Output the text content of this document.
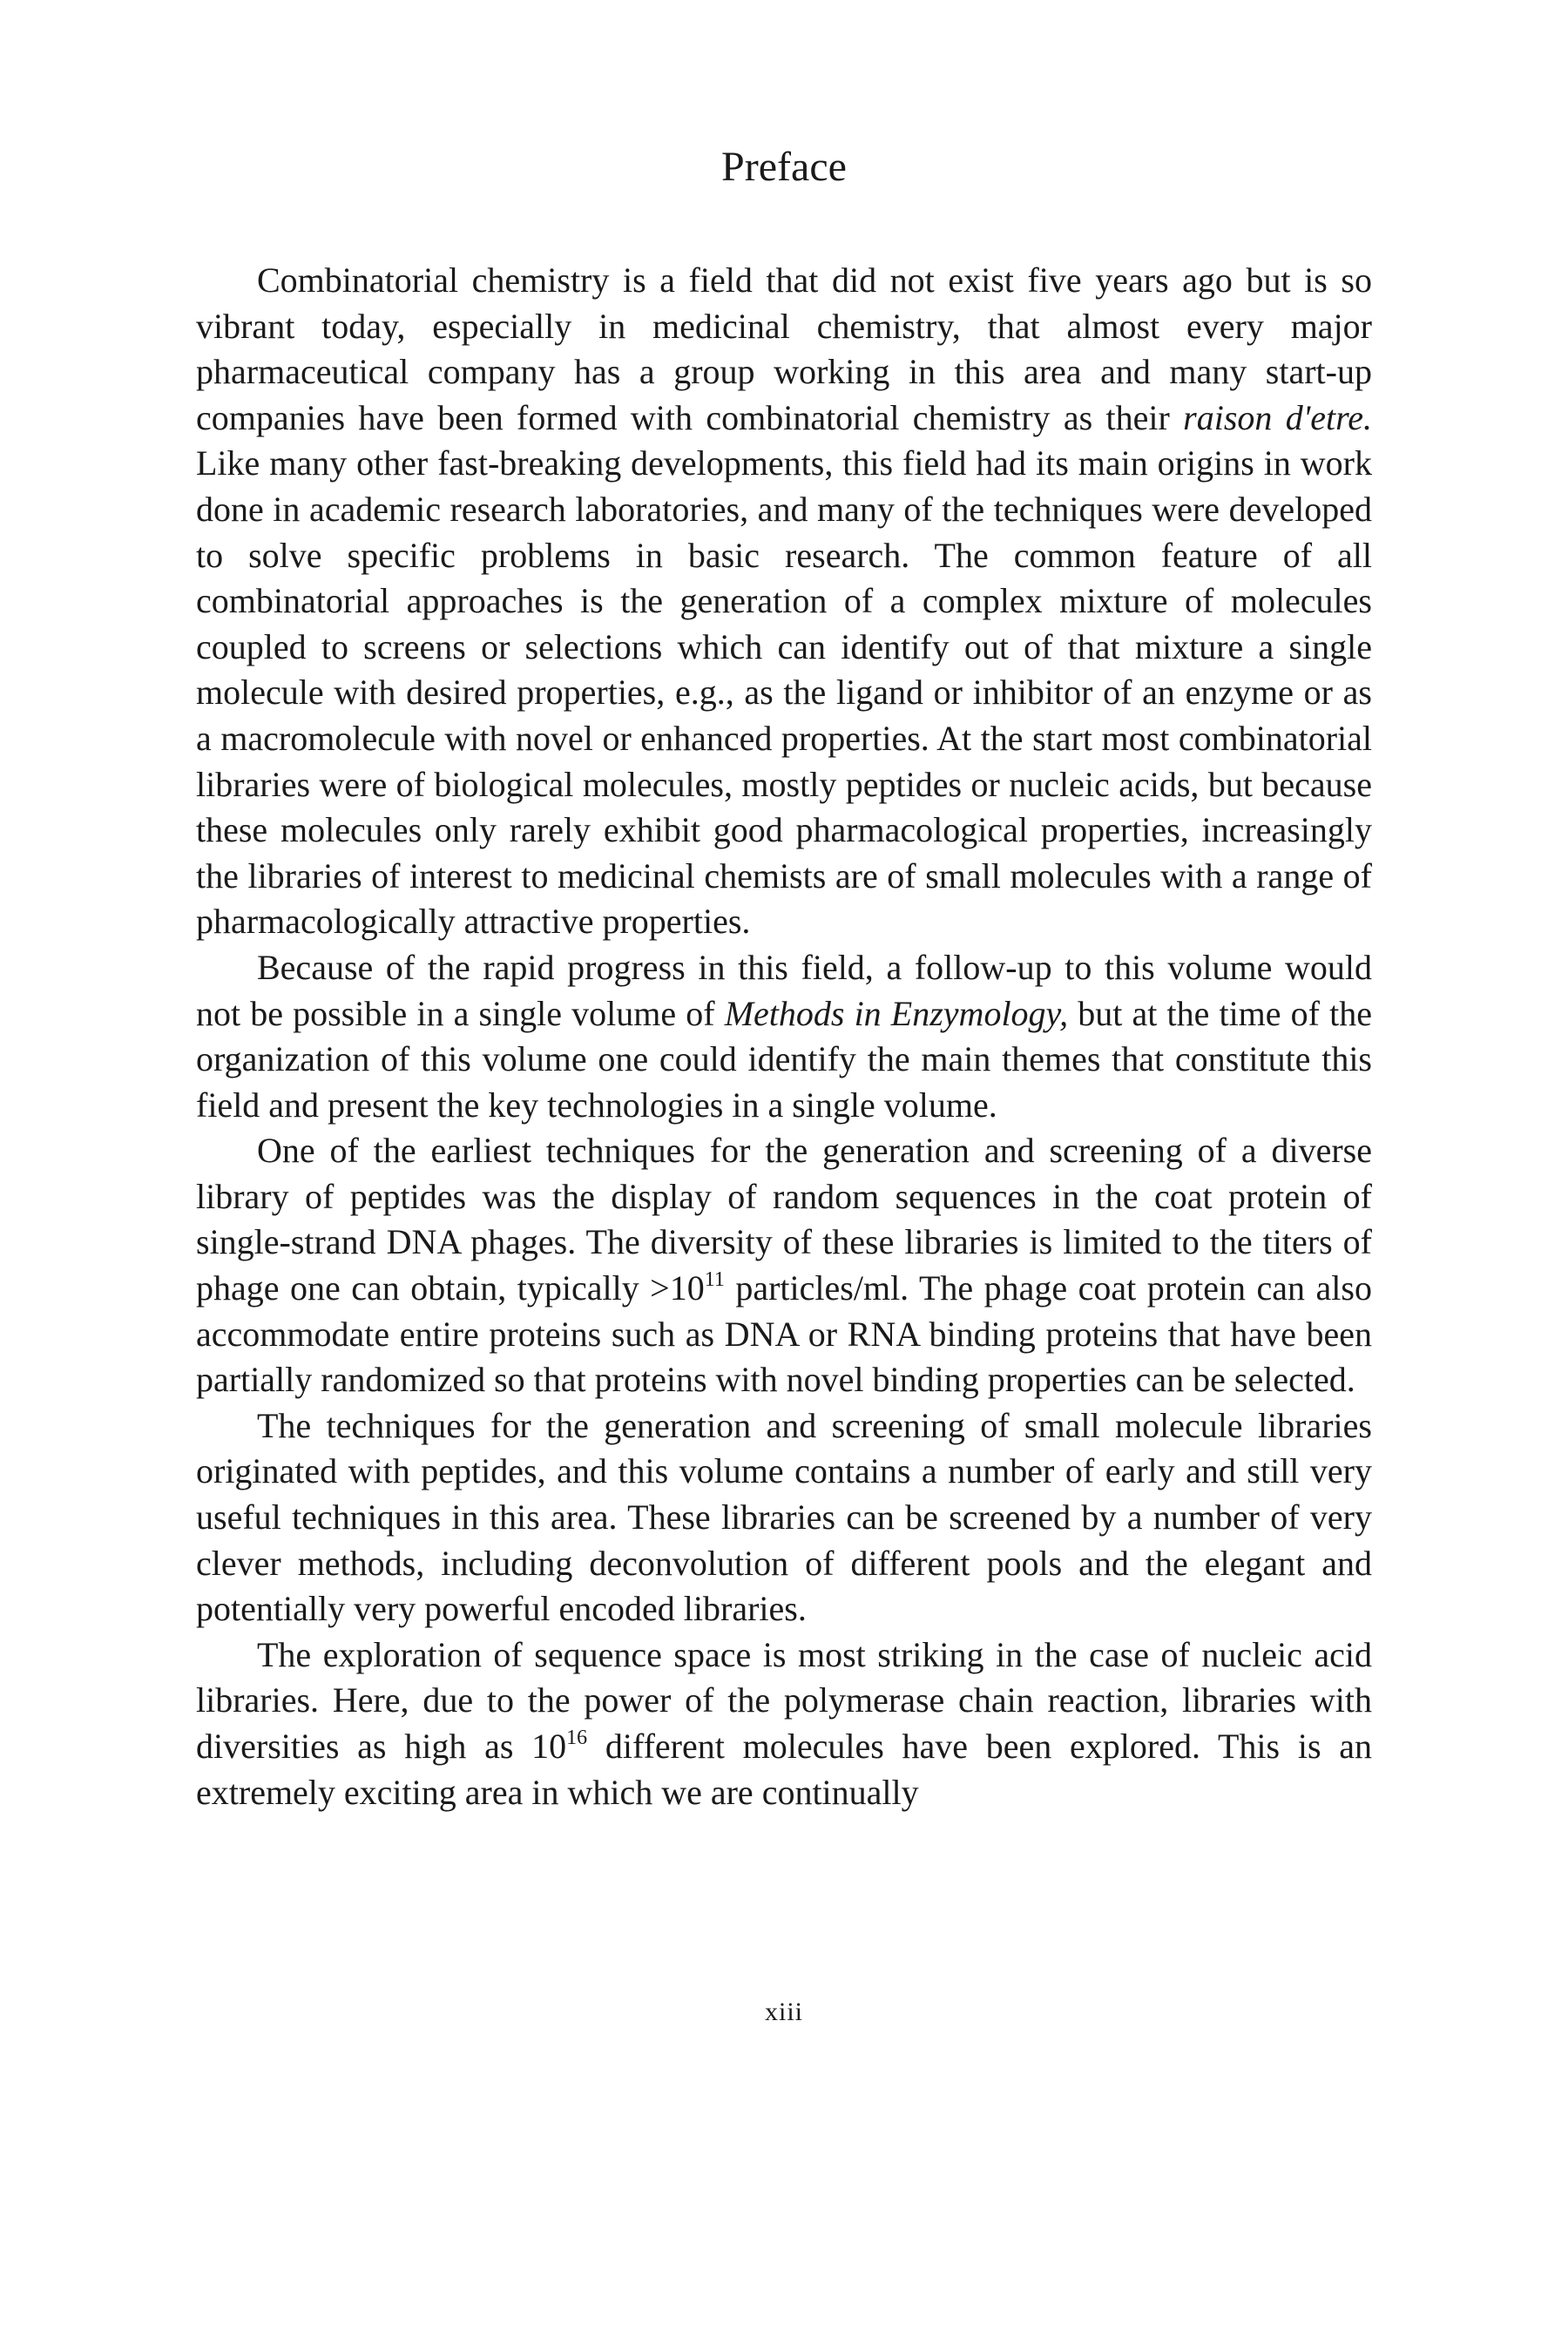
Preface

Combinatorial chemistry is a field that did not exist five years ago but is so vibrant today, especially in medicinal chemistry, that almost every major pharmaceutical company has a group working in this area and many start-up companies have been formed with combinatorial chemistry as their raison d'etre. Like many other fast-breaking developments, this field had its main origins in work done in academic research laboratories, and many of the techniques were developed to solve specific problems in basic research. The common feature of all combinatorial approaches is the generation of a complex mixture of molecules coupled to screens or selections which can identify out of that mixture a single molecule with desired properties, e.g., as the ligand or inhibitor of an enzyme or as a macromolecule with novel or enhanced properties. At the start most combinatorial libraries were of biological molecules, mostly peptides or nucleic acids, but because these molecules only rarely exhibit good pharmacological properties, increasingly the libraries of interest to medicinal chemists are of small molecules with a range of pharmacologically attractive properties.

Because of the rapid progress in this field, a follow-up to this volume would not be possible in a single volume of Methods in Enzymology, but at the time of the organization of this volume one could identify the main themes that constitute this field and present the key technologies in a single volume.

One of the earliest techniques for the generation and screening of a diverse library of peptides was the display of random sequences in the coat protein of single-strand DNA phages. The diversity of these libraries is limited to the titers of phage one can obtain, typically $>10^{11}$ particles/ml. The phage coat protein can also accommodate entire proteins such as DNA or RNA binding proteins that have been partially randomized so that proteins with novel binding properties can be selected.

The techniques for the generation and screening of small molecule libraries originated with peptides, and this volume contains a number of early and still very useful techniques in this area. These libraries can be screened by a number of very clever methods, including deconvolution of different pools and the elegant and potentially very powerful encoded libraries.

The exploration of sequence space is most striking in the case of nucleic acid libraries. Here, due to the power of the polymerase chain reaction, libraries with diversities as high as $10^{16}$ different molecules have been explored. This is an extremely exciting area in which we are continually

xiii
